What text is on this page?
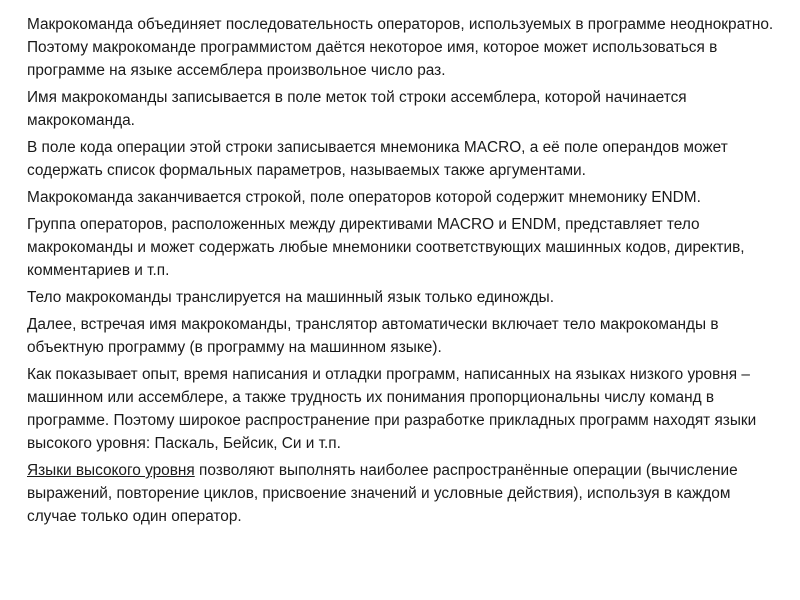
Макрокоманда объединяет последовательность операторов, используемых в программе неоднократно. Поэтому макрокоманде программистом даётся некоторое имя, которое может использоваться в программе на языке ассемблера произвольное число раз.

Имя макрокоманды записывается в поле меток той строки ассемблера, которой начинается макрокоманда.

В поле кода операции этой строки записывается мнемоника MACRO, а её поле операндов может содержать список формальных параметров, называемых также аргументами.

Макрокоманда заканчивается строкой, поле операторов которой содержит мнемонику ENDM.

Группа операторов, расположенных между директивами MACRO и ENDM, представляет тело макрокоманды и может содержать любые мнемоники соответствующих машинных кодов, директив, комментариев и т.п.

Тело макрокоманды транслируется на машинный язык только единожды.

Далее, встречая имя макрокоманды, транслятор автоматически включает тело макрокоманды в объектную программу (в программу на машинном языке).

Как показывает опыт, время написания и отладки программ, написанных на языках низкого уровня – машинном или ассемблере, а также трудность их понимания пропорциональны числу команд в программе. Поэтому широкое распространение при разработке прикладных программ находят языки высокого уровня: Паскаль, Бейсик, Си и т.п.

Языки высокого уровня позволяют выполнять наиболее распространённые операции (вычисление выражений, повторение циклов, присвоение значений и условные действия), используя в каждом случае только один оператор.
